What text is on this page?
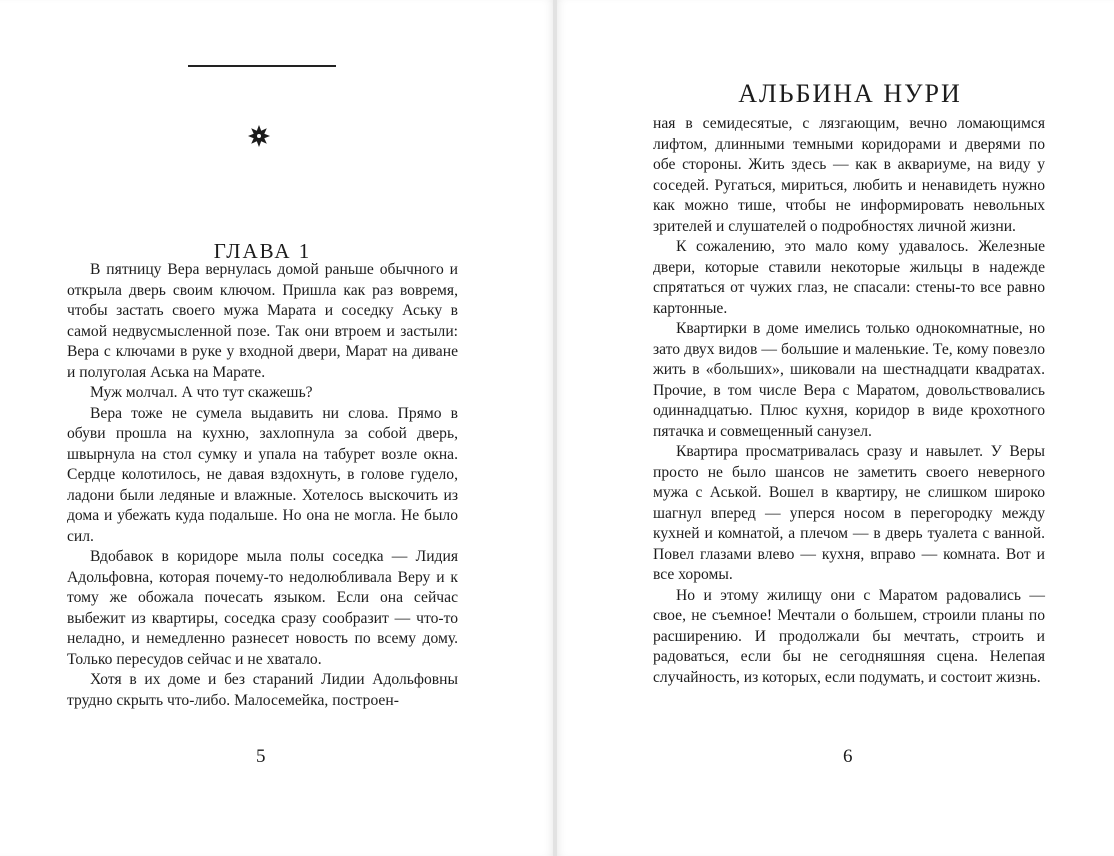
ГЛАВА 1

В пятницу Вера вернулась домой раньше обычного и открыла дверь своим ключом. Пришла как раз вовремя, чтобы застать своего мужа Марата и соседку Аську в самой недвусмысленной позе. Так они втроем и застыли: Вера с ключами в руке у входной двери, Марат на диване и полуголая Аська на Марате.

Муж молчал. А что тут скажешь?

Вера тоже не сумела выдавить ни слова. Прямо в обуви прошла на кухню, захлопнула за собой дверь, швырнула на стол сумку и упала на табурет возле окна. Сердце колотилось, не давая вздохнуть, в голове гудело, ладони были ледяные и влажные. Хотелось выскочить из дома и убежать куда подальше. Но она не могла. Не было сил.

Вдобавок в коридоре мыла полы соседка — Лидия Адольфовна, которая почему-то недолюбливала Веру и к тому же обожала почесать языком. Если она сейчас выбежит из квартиры, соседка сразу сообразит — что-то неладно, и немедленно разнесет новость по всему дому. Только пересудов сейчас и не хватало.

Хотя в их доме и без стараний Лидии Адольфовны трудно скрыть что-либо. Малосемейка, построен-

5
АЛЬБИНА НУРИ

ная в семидесятые, с лязгающим, вечно ломающимся лифтом, длинными темными коридорами и дверями по обе стороны. Жить здесь — как в аквариуме, на виду у соседей. Ругаться, мириться, любить и ненавидеть нужно как можно тише, чтобы не информировать невольных зрителей и слушателей о подробностях личной жизни.

К сожалению, это мало кому удавалось. Железные двери, которые ставили некоторые жильцы в надежде спрятаться от чужих глаз, не спасали: стены-то все равно картонные.

Квартирки в доме имелись только однокомнатные, но зато двух видов — большие и маленькие. Те, кому повезло жить в «больших», шиковали на шестнадцати квадратах. Прочие, в том числе Вера с Маратом, довольствовались одиннадцатью. Плюс кухня, коридор в виде крохотного пятачка и совмещенный санузел.

Квартира просматривалась сразу и навылет. У Веры просто не было шансов не заметить своего неверного мужа с Аськой. Вошел в квартиру, не слишком широко шагнул вперед — уперся носом в перегородку между кухней и комнатой, а плечом — в дверь туалета с ванной. Повел глазами влево — кухня, вправо — комната. Вот и все хоромы.

Но и этому жилищу они с Маратом радовались — свое, не съемное! Мечтали о большем, строили планы по расширению. И продолжали бы мечтать, строить и радоваться, если бы не сегодняшняя сцена. Нелепая случайность, из которых, если подумать, и состоит жизнь.

6
